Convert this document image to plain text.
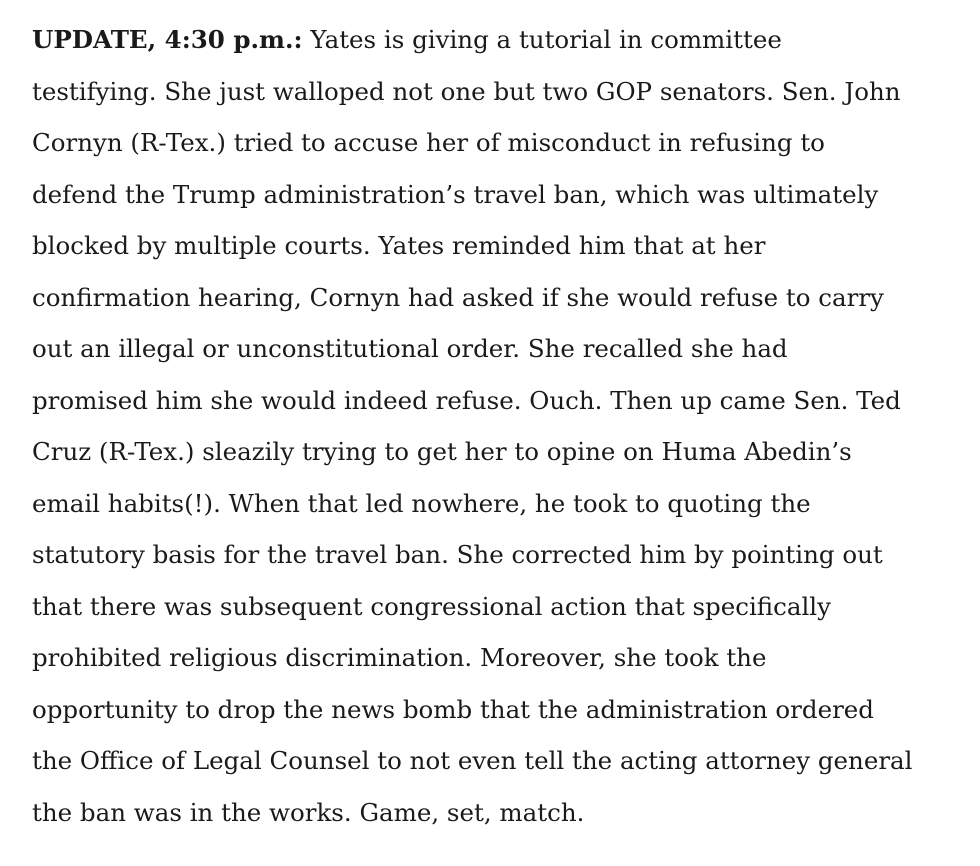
UPDATE, 4:30 p.m.: Yates is giving a tutorial in committee
testifying. She just walloped not one but two GOP senators. Sen. John
Cornyn (R-Tex.) tried to accuse her of misconduct in refusing to
defend the Trump administration’s travel ban, which was ultimately
blocked by multiple courts. Yates reminded him that at her
confirmation hearing, Cornyn had asked if she would refuse to carry
out an illegal or unconstitutional order. She recalled she had
promised him she would indeed refuse. Ouch. Then up came Sen. Ted
Cruz (R-Tex.) sleazily trying to get her to opine on Huma Abedin’s
email habits(!). When that led nowhere, he took to quoting the
statutory basis for the travel ban. She corrected him by pointing out
that there was subsequent congressional action that specifically
prohibited religious discrimination. Moreover, she took the
opportunity to drop the news bomb that the administration ordered
the Office of Legal Counsel to not even tell the acting attorney general
the ban was in the works. Game, set, match.
